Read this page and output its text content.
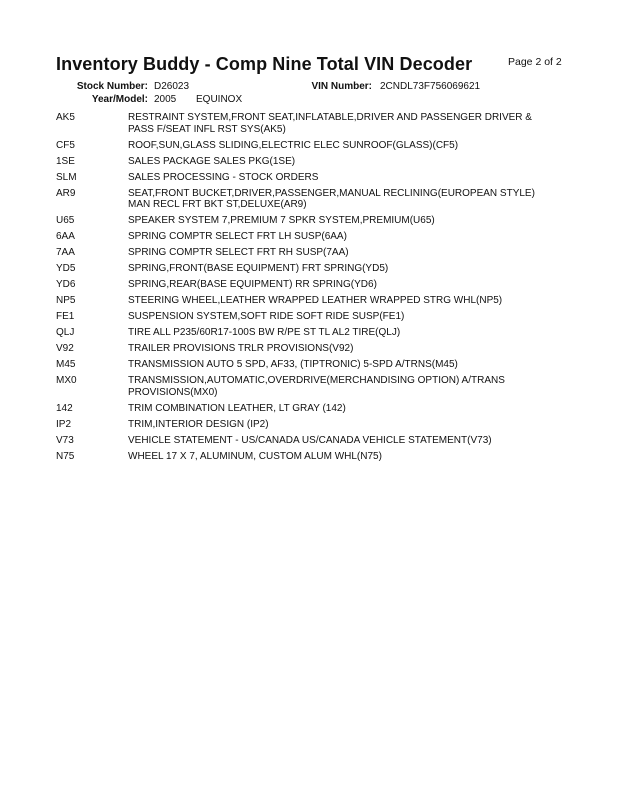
Inventory Buddy - Comp Nine Total VIN Decoder	Page 2 of 2
Stock Number: D26023	VIN Number: 2CNDL73F756069621
Year/Model: 2005 EQUINOX
AK5	RESTRAINT SYSTEM,FRONT SEAT,INFLATABLE,DRIVER AND PASSENGER DRIVER & PASS F/SEAT INFL RST SYS(AK5)
CF5	ROOF,SUN,GLASS SLIDING,ELECTRIC ELEC SUNROOF(GLASS)(CF5)
1SE	SALES PACKAGE SALES PKG(1SE)
SLM	SALES PROCESSING - STOCK ORDERS
AR9	SEAT,FRONT BUCKET,DRIVER,PASSENGER,MANUAL RECLINING(EUROPEAN STYLE) MAN RECL FRT BKT ST,DELUXE(AR9)
U65	SPEAKER SYSTEM 7,PREMIUM 7 SPKR SYSTEM,PREMIUM(U65)
6AA	SPRING COMPTR SELECT FRT LH SUSP(6AA)
7AA	SPRING COMPTR SELECT FRT RH SUSP(7AA)
YD5	SPRING,FRONT(BASE EQUIPMENT) FRT SPRING(YD5)
YD6	SPRING,REAR(BASE EQUIPMENT) RR SPRING(YD6)
NP5	STEERING WHEEL,LEATHER WRAPPED LEATHER WRAPPED STRG WHL(NP5)
FE1	SUSPENSION SYSTEM,SOFT RIDE SOFT RIDE SUSP(FE1)
QLJ	TIRE ALL P235/60R17-100S BW R/PE ST TL AL2 TIRE(QLJ)
V92	TRAILER PROVISIONS TRLR PROVISIONS(V92)
M45	TRANSMISSION AUTO 5 SPD, AF33, (TIPTRONIC) 5-SPD A/TRNS(M45)
MX0	TRANSMISSION,AUTOMATIC,OVERDRIVE(MERCHANDISING OPTION) A/TRANS PROVISIONS(MX0)
142	TRIM COMBINATION LEATHER, LT GRAY (142)
IP2	TRIM,INTERIOR DESIGN (IP2)
V73	VEHICLE STATEMENT - US/CANADA US/CANADA VEHICLE STATEMENT(V73)
N75	WHEEL 17 X 7, ALUMINUM, CUSTOM ALUM WHL(N75)
